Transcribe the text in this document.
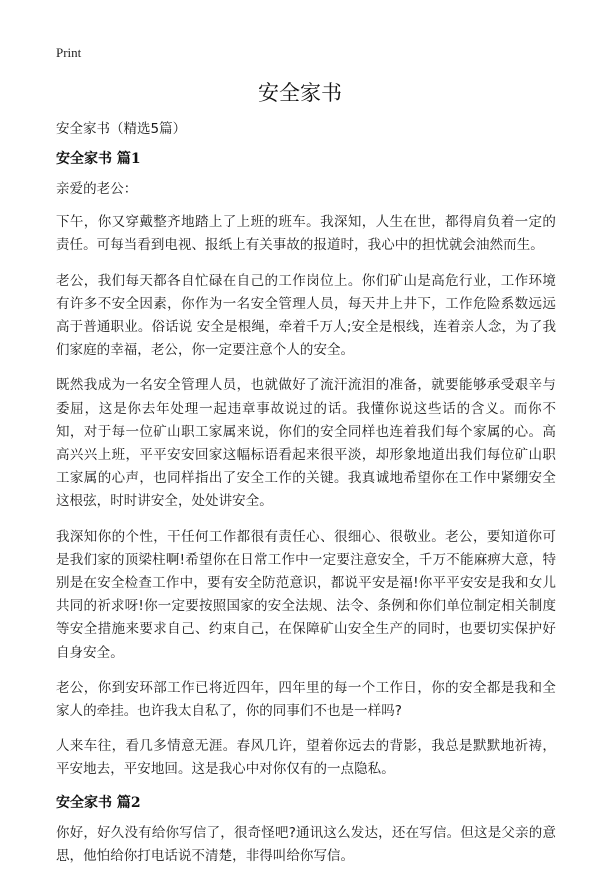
Print
安全家书

安全家书（精选5篇）

安全家书 篇1

亲爱的老公：

下午，你又穿戴整齐地踏上了上班的班车。我深知，人生在世，都得肩负着一定的责任。可每当看到电视、报纸上有关事故的报道时，我心中的担忧就会油然而生。

老公，我们每天都各自忙碌在自己的工作岗位上。你们矿山是高危行业，工作环境有许多不安全因素，你作为一名安全管理人员，每天井上井下，工作危险系数远远高于普通职业。俗话说 安全是根绳，牵着千万人;安全是根线，连着亲人念，为了我们家庭的幸福，老公，你一定要注意个人的安全。

既然我成为一名安全管理人员，也就做好了流汗流泪的准备，就要能够承受艰辛与委屈，这是你去年处理一起违章事故说过的话。我懂你说这些话的含义。而你不知，对于每一位矿山职工家属来说，你们的安全同样也连着我们每个家属的心。高高兴兴上班，平平安安回家这幅标语看起来很平淡，却形象地道出我们每位矿山职工家属的心声，也同样指出了安全工作的关键。我真诚地希望你在工作中紧绷安全这根弦，时时讲安全，处处讲安全。

我深知你的个性，干任何工作都很有责任心、很细心、很敬业。老公，要知道你可是我们家的顶梁柱啊!希望你在日常工作中一定要注意安全，千万不能麻痹大意，特别是在安全检查工作中，要有安全防范意识，都说平安是福!你平平安安是我和女儿共同的祈求呀!你一定要按照国家的安全法规、法令、条例和你们单位制定相关制度等安全措施来要求自己、约束自己，在保障矿山安全生产的同时，也要切实保护好自身安全。

老公，你到安环部工作已将近四年，四年里的每一个工作日，你的安全都是我和全家人的牵挂。也许我太自私了，你的同事们不也是一样吗?

人来车往，看几多情意无涯。春风几许，望着你远去的背影，我总是默默地祈祷，平安地去，平安地回。这是我心中对你仅有的一点隐私。

安全家书 篇2

你好，好久没有给你写信了，很奇怪吧?通讯这么发达，还在写信。但这是父亲的意思，他怕给你打电话说不清楚，非得叫给你写信。
